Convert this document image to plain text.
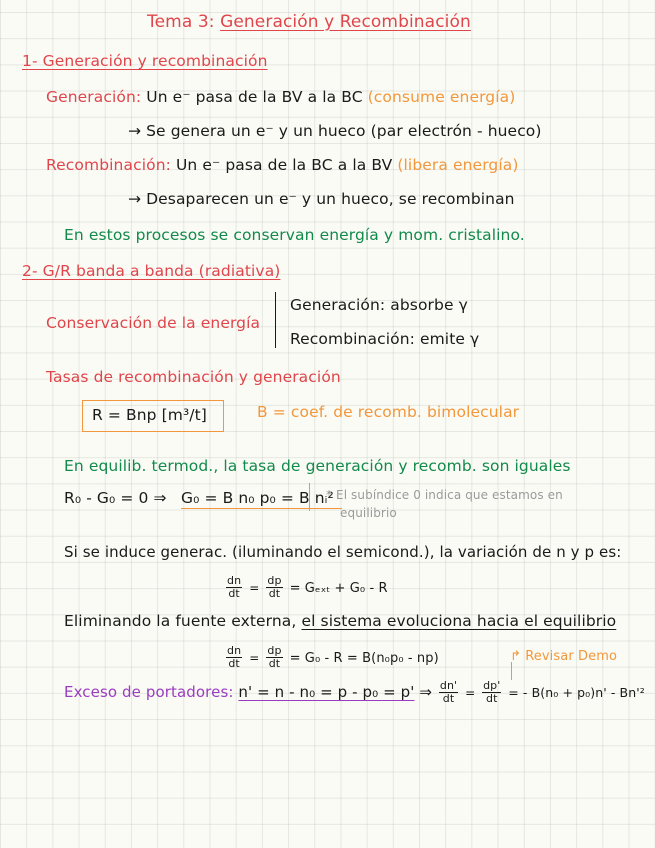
Tema 3: Generación y Recombinación
1- Generación y recombinación
Generación: Un e⁻ pasa de la BV a la BC (consume energía)
→ Se genera un e⁻ y un hueco (par electrón - hueco)
Recombinación: Un e⁻ pasa de la BC a la BV (libera energía)
→ Desaparecen un e⁻ y un hueco, se recombinan
En estos procesos se conservan energía y mom. cristalino.
2- G/R banda a banda (radiativa)
Conservación de la energía
Generación: absorbe γ
Recombinación: emite γ
Tasas de recombinación y generación
R = Bnp [m³/t]	B = coef. de recomb. bimolecular
En equilib. termod., la tasa de generación y recomb. son iguales
R₀ - G₀ = 0 ⇒ G₀ = B n₀ p₀ = B nᵢ²
* El subíndice 0 indica que estamos en
equilibrio
Si se induce generac. (iluminando el semicond.), la variación de n y p es:
$\frac{dn}{dt} = \frac{dp}{dt} = G_{ext} + G_0 - R$
Eliminando la fuente externa, el sistema evoluciona hacia el equilibrio
$\frac{dn}{dt} = \frac{dp}{dt} = G_0 - R = B(n_0p_0 - np)$	↱ Revisar Demo
Exceso de portadores: n' = n - n₀ = p - p₀ = p' ⇒ $\frac{dn'}{dt} = \frac{dp'}{dt}$ = - B(n₀ + p₀)n' - Bn'²
